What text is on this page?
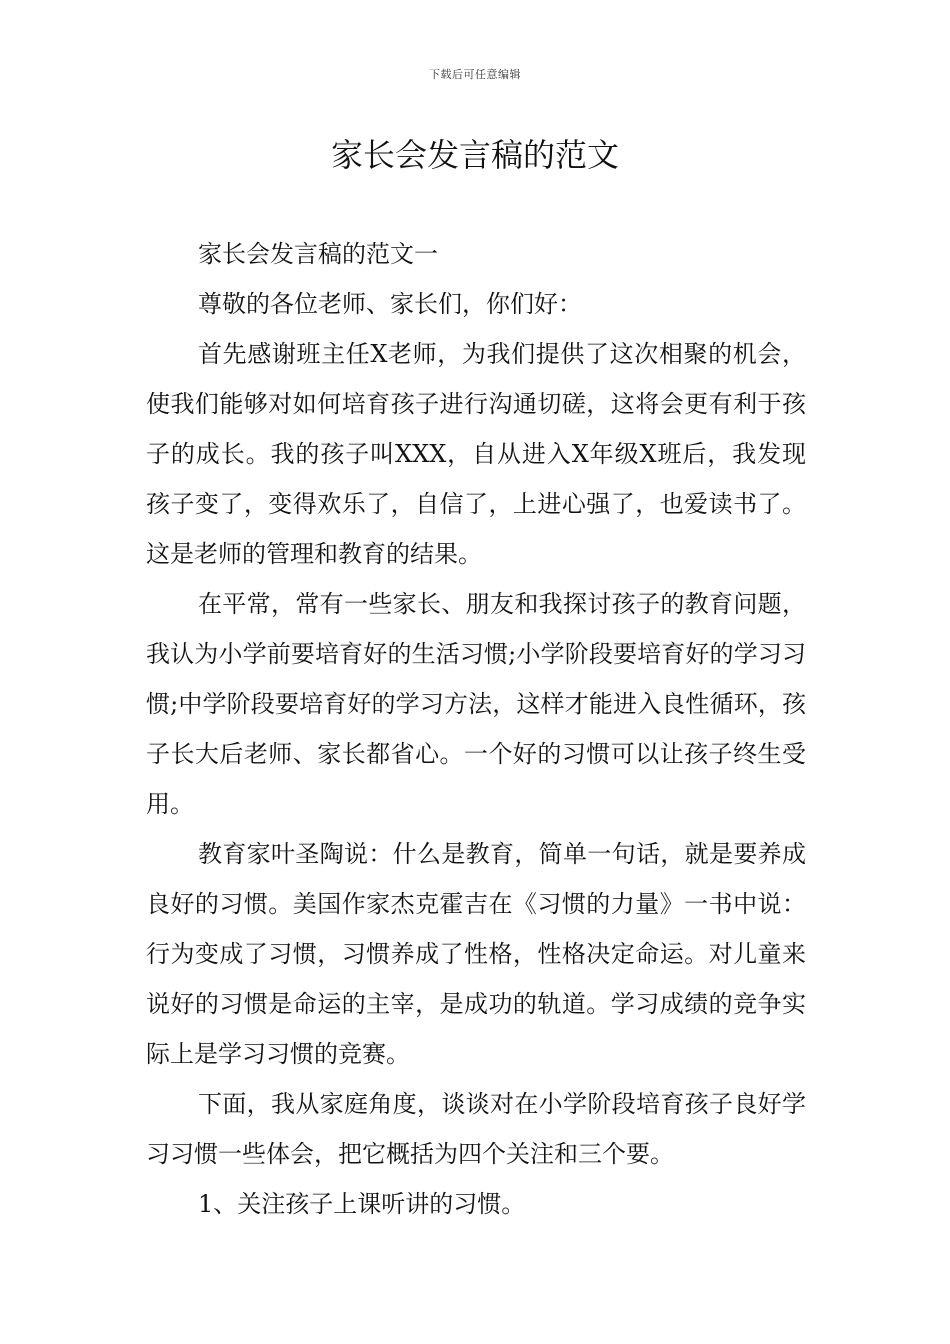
下载后可任意编辑
家长会发言稿的范文

家长会发言稿的范文一

尊敬的各位老师、家长们，你们好：

首先感谢班主任X老师，为我们提供了这次相聚的机会，使我们能够对如何培育孩子进行沟通切磋，这将会更有利于孩子的成长。我的孩子叫XXX，自从进入X年级X班后，我发现孩子变了，变得欢乐了，自信了，上进心强了，也爱读书了。这是老师的管理和教育的结果。

在平常，常有一些家长、朋友和我探讨孩子的教育问题，我认为小学前要培育好的生活习惯;小学阶段要培育好的学习习惯;中学阶段要培育好的学习方法，这样才能进入良性循环，孩子长大后老师、家长都省心。一个好的习惯可以让孩子终生受用。

教育家叶圣陶说：什么是教育，简单一句话，就是要养成良好的习惯。美国作家杰克霍吉在《习惯的力量》一书中说：行为变成了习惯，习惯养成了性格，性格决定命运。对儿童来说好的习惯是命运的主宰，是成功的轨道。学习成绩的竞争实际上是学习习惯的竞赛。

下面，我从家庭角度，谈谈对在小学阶段培育孩子良好学习习惯一些体会，把它概括为四个关注和三个要。

1、关注孩子上课听讲的习惯。
